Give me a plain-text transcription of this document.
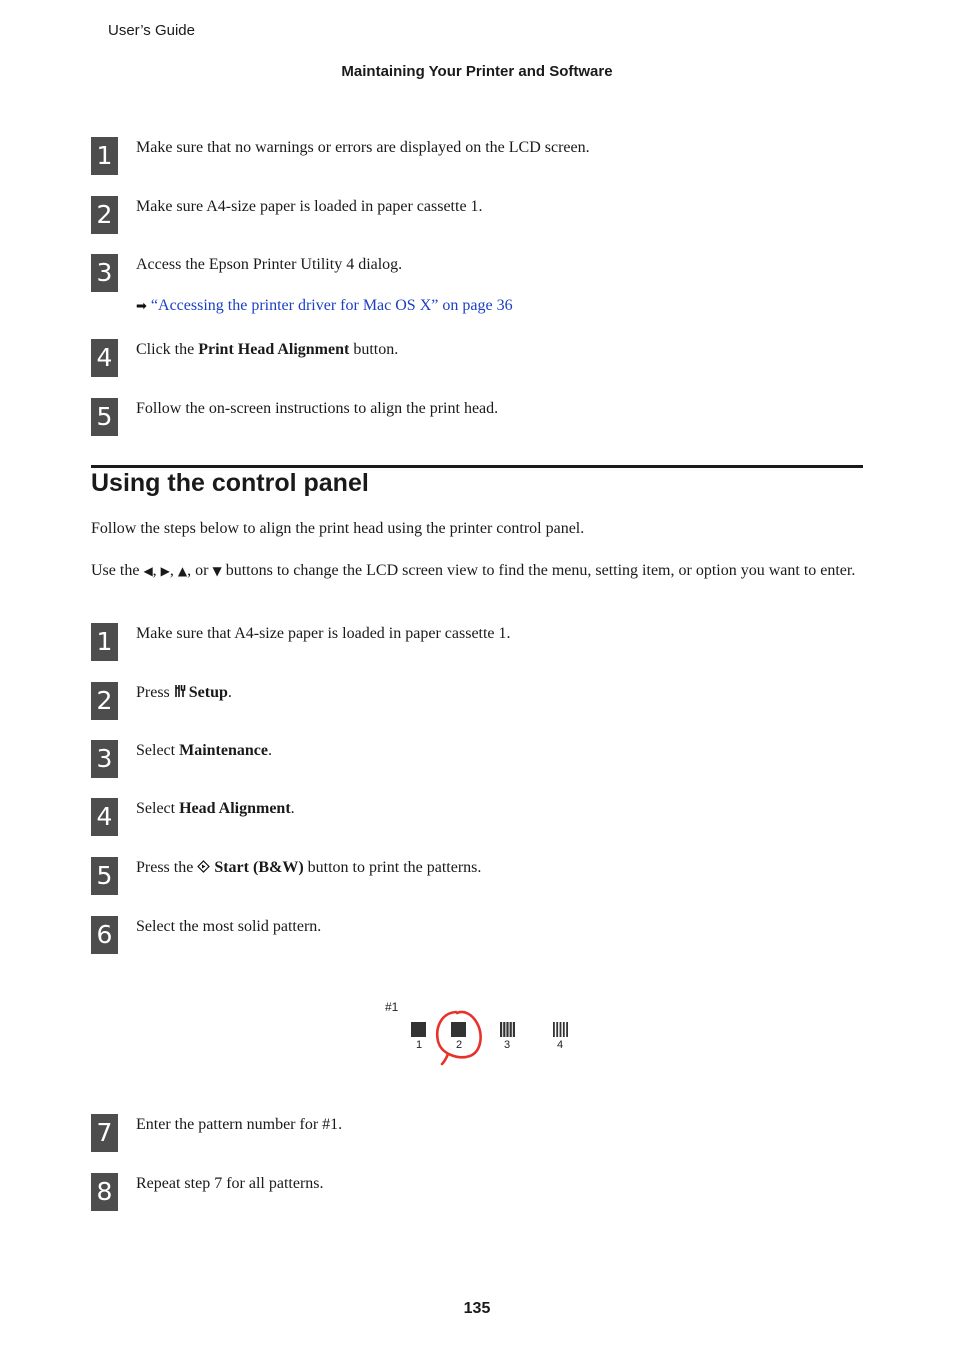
User’s Guide
Maintaining Your Printer and Software
1	Make sure that no warnings or errors are displayed on the LCD screen.
2	Make sure A4-size paper is loaded in paper cassette 1.
3	Access the Epson Printer Utility 4 dialog.
➡ “Accessing the printer driver for Mac OS X” on page 36
4	Click the Print Head Alignment button.
5	Follow the on-screen instructions to align the print head.
Using the control panel
Follow the steps below to align the print head using the printer control panel.
Use the ◀, ▶, ▲, or ▼ buttons to change the LCD screen view to find the menu, setting item, or option you want to enter.
1	Make sure that A4-size paper is loaded in paper cassette 1.
2	Press Setup.
3	Select Maintenance.
4	Select Head Alignment.
5	Press the Start (B&W) button to print the patterns.
6	Select the most solid pattern.
#1
1	2	3	4
7	Enter the pattern number for #1.
8	Repeat step 7 for all patterns.
135
